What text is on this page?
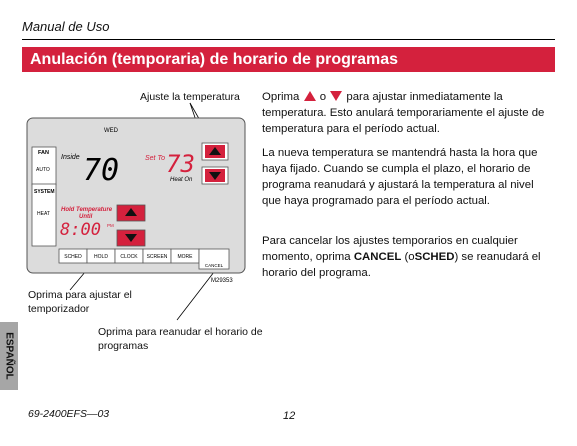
Manual de Uso
Anulación (temporaria) de horario de programas
Oprima o para ajustar inmediatamente la temperatura. Esto anulará temporariamente el ajuste de temperatura para el período actual.
La nueva temperatura se mantendrá hasta la hora que haya fijado. Cuando se cumpla el plazo, el horario de programa reanudará y ajustará la temperatura al nivel que haya programado para el período actual.
Para cancelar los ajustes temporarios en cualquier momento, oprima CANCEL (oSCHED) se reanudará el horario del programa.
Ajuste la temperatura
Oprima para ajustar el temporizador
Oprima para reanudar el horario de programas
WED
FAN
AUTO
SYSTEM
HEAT
Inside 70	Set To 73
Heat On
Hold Temperature
Until
8:00 PM
SCHED HOLD CLOCK SCREEN MORE
CANCEL
M29353
ESPAÑOL
69-2400EFS—03	12
